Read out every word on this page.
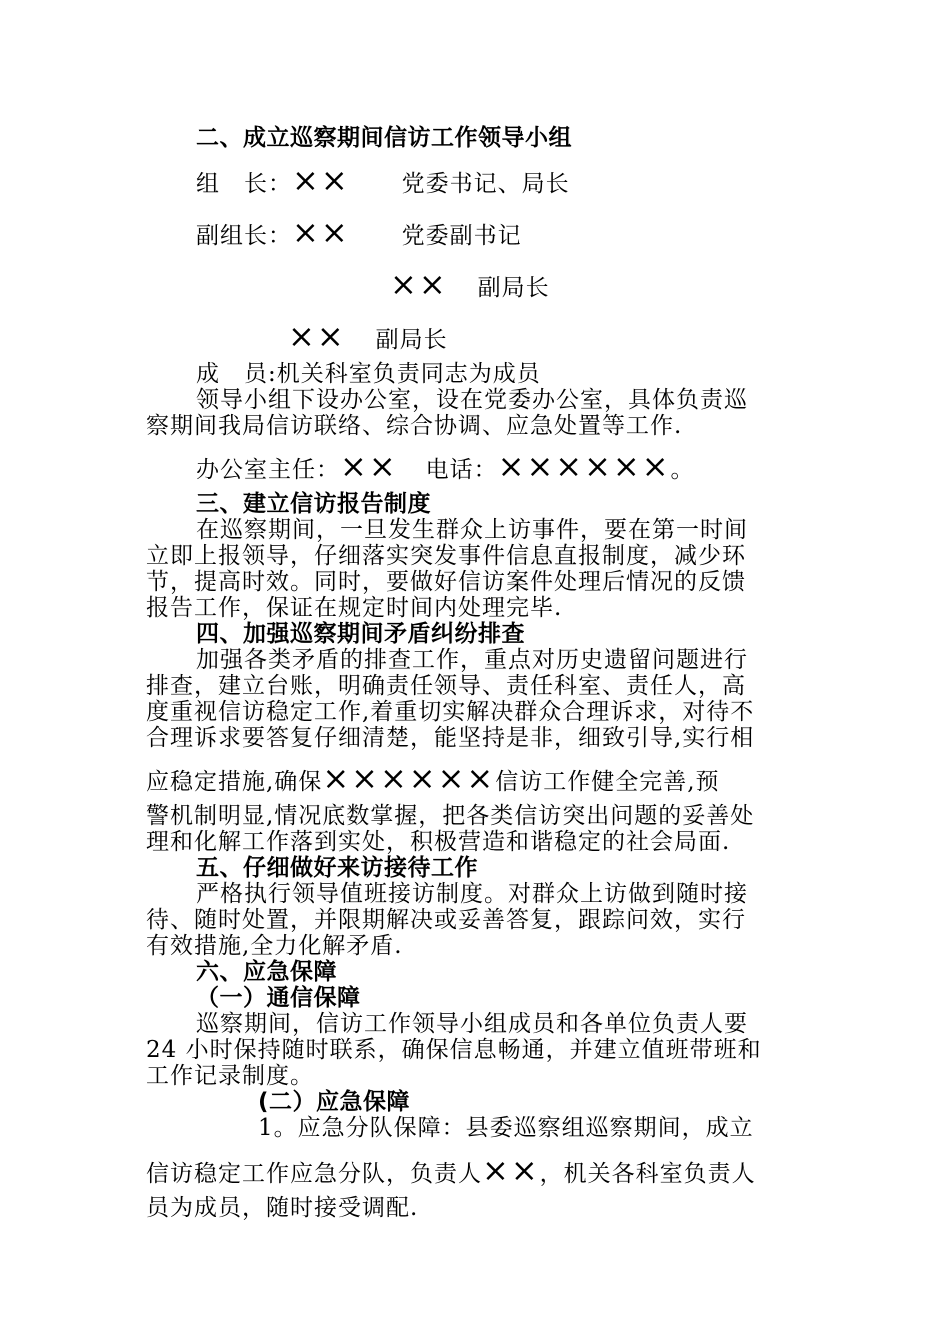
二、成立巡察期间信访工作领导小组
组　长：×× 党委书记、局长
副组长：×× 党委副书记
×× 副局长
×× 副局长
成　员:机关科室负责同志为成员
领导小组下设办公室，设在党委办公室，具体负责巡
察期间我局信访联络、综合协调、应急处置等工作.
办公室主任：×× 电话：××××××。
三、建立信访报告制度
在巡察期间，一旦发生群众上访事件，要在第一时间
立即上报领导，仔细落实突发事件信息直报制度，减少环
节，提高时效。同时，要做好信访案件处理后情况的反馈
报告工作，保证在规定时间内处理完毕.
四、加强巡察期间矛盾纠纷排查
加强各类矛盾的排查工作，重点对历史遗留问题进行
排查，建立台账，明确责任领导、责任科室、责任人，高
度重视信访稳定工作,着重切实解决群众合理诉求，对待不
合理诉求要答复仔细清楚，能坚持是非，细致引导,实行相
应稳定措施,确保××××××信访工作健全完善,预
警机制明显,情况底数掌握，把各类信访突出问题的妥善处
理和化解工作落到实处，积极营造和谐稳定的社会局面.
五、仔细做好来访接待工作
严格执行领导值班接访制度。对群众上访做到随时接
待、随时处置，并限期解决或妥善答复，跟踪问效，实行
有效措施,全力化解矛盾.
六、应急保障
（一）通信保障
巡察期间，信访工作领导小组成员和各单位负责人要
24 小时保持随时联系，确保信息畅通，并建立值班带班和
工作记录制度。
(二）应急保障
1。应急分队保障：县委巡察组巡察期间，成立
信访稳定工作应急分队，负责人××，机关各科室负责人
员为成员，随时接受调配.
